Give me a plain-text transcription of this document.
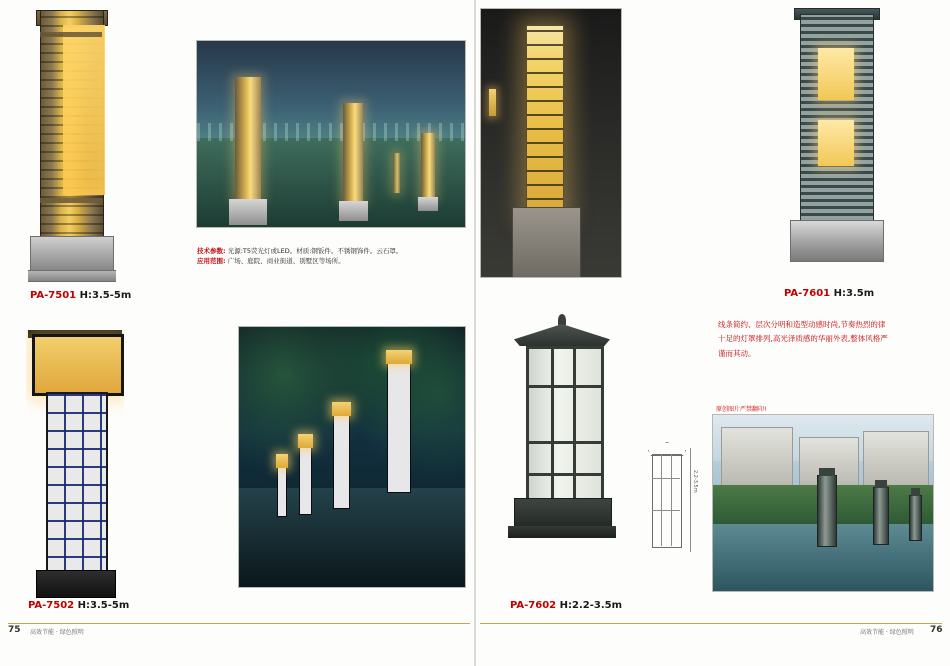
PA-7501 H:3.5-5m
技术参数: 光源:T5荧光灯或LED。材质:钢钣件。不锈钢饰件。云石罩。
应用范围: 广场、庭院、商业街道、别墅区等场所。
PA-7601 H:3.5m
线条简约、层次分明和造型动感时尚,节奏热烈的律十足的灯罩排列,高光泽质感的华丽外表,整体风格严谨而其动。
PA-7502 H:3.5-5m	PA-7602 H:2.2-3.5m
2.2-3.5m
原创图片严禁翻印!
75 高效节能 · 绿色照明	76
高效节能 · 绿色照明
